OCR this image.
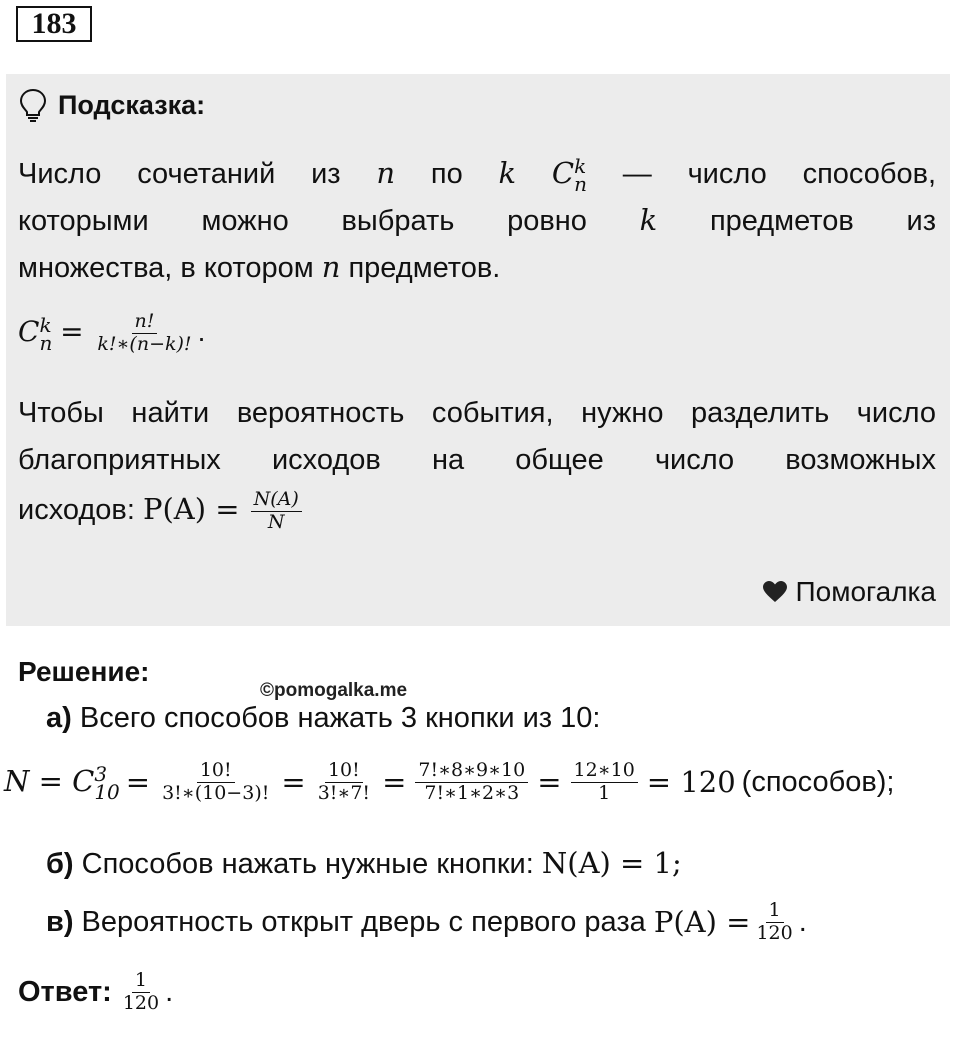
183
Подсказка:
Число сочетаний из n по k C k
n — число способов,
которыми можно выбрать ровно k предметов из
множества, в котором n предметов.
C k
$n = \frac{n!}{k!∗(n-k)!}$ .
Чтобы найти вероятность события, нужно разделить число
благоприятных исходов на общее число возможных
исходов: $P(A) = \frac{N(A)}{N}$
Помогалка
Решение:
©pomogalka.me
а) Всего способов нажать 3 кнопки из 10:
N = C 3
$10 = \frac{10!}{3!∗(10-3)!} = \frac{10!}{3!∗7!} = \frac{7!∗8∗9∗10}{7!∗1∗2∗3} = \frac{12∗10}{1} = 120$ (способов);
б) Способов нажать нужные кнопки: N(A) = 1;
в) Вероятность открыт дверь с первого раза $P(A) = \frac{1}{120}$ .
Ответ: $\frac{1}{120}$ .
